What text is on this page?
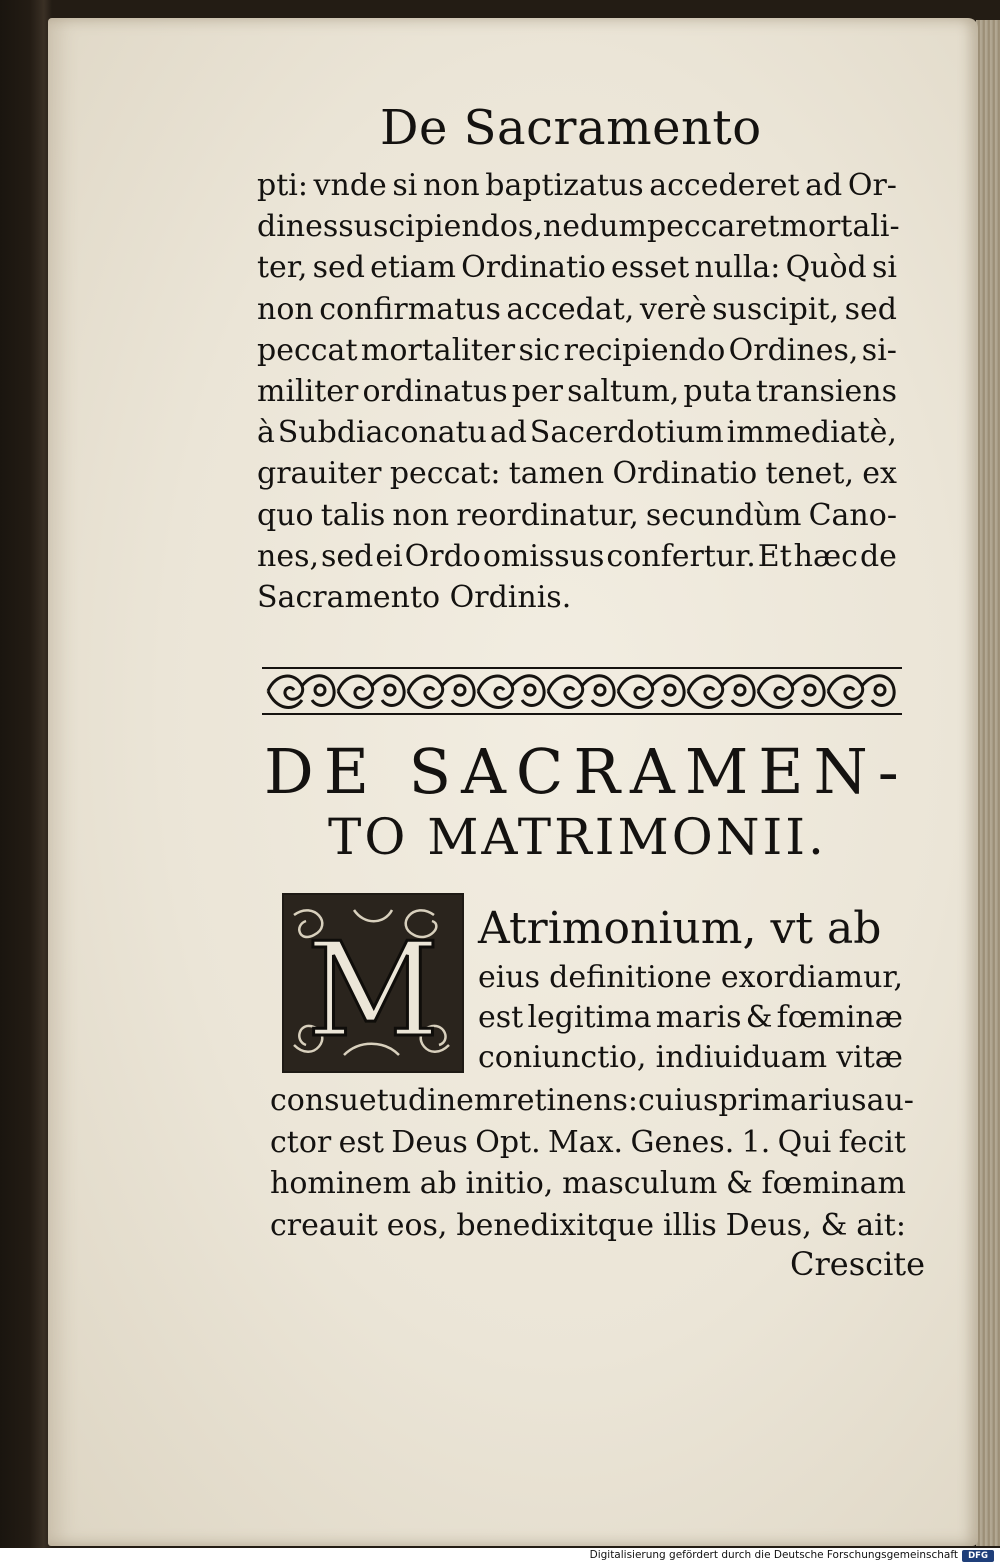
De Sacramento
pti: vnde si non baptizatus accederet ad Or-
dines suscipiendos, nedum peccaret mortali-
ter, sed etiam Ordinatio esset nulla: Quòd si
non confirmatus accedat, verè suscipit, sed
peccat mortaliter sic recipiendo Ordines, si-
militer ordinatus per saltum, puta transiens
à Subdiaconatu ad Sacerdotium immediatè,
grauiter peccat: tamen Ordinatio tenet, ex
quo talis non reordinatur, secundùm Cano-
nes, sed ei Ordo omissus confertur. Et hæc de
Sacramento Ordinis.
DE SACRAMEN-
TO MATRIMONII.
M Atrimonium, vt ab
eius definitione exordiamur,
est legitima maris & fœminæ
coniunctio, indiuiduam vitæ
consuetudinem retinens: cuius primarius au-
ctor est Deus Opt. Max. Genes. 1. Qui fecit
hominem ab initio, masculum & fœminam
creauit eos, benedixitque illis Deus, & ait:
Crescite
Digitalisierung gefördert durch die Deutsche Forschungsgemeinschaft	DFG
